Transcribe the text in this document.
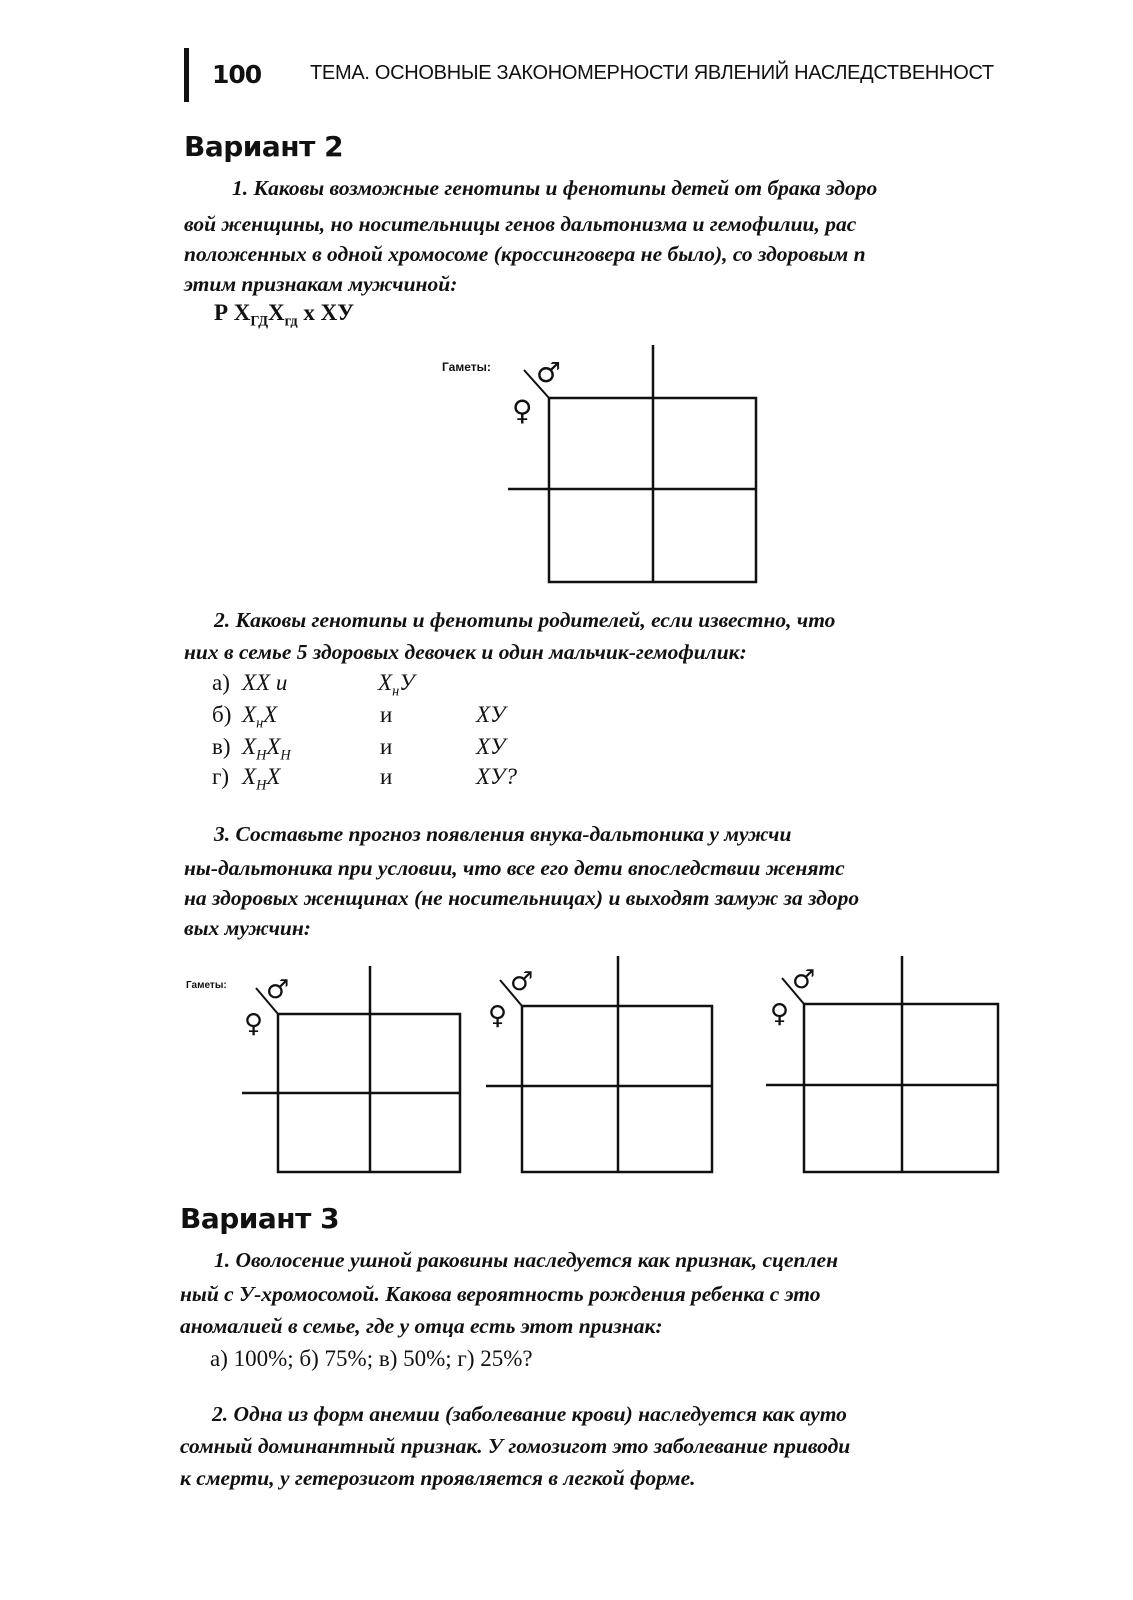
100 ТЕМА. ОСНОВНЫЕ ЗАКОНОМЕРНОСТИ ЯВЛЕНИЙ НАСЛЕДСТВЕННОСТ
Вариант 2
1. Каковы возможные генотипы и фенотипы детей от брака здоро
вой женщины, но носительницы генов дальтонизма и гемофилии, рас
положенных в одной хромосоме (кроссинговера не было), со здоровым п
этим признакам мужчиной:
Р $Х_{ГД}Х_{гд}$ х ХУ
Гаметы: ♂
♀
2. Каковы генотипы и фенотипы родителей, если известно, что
них в семье 5 здоровых девочек и один мальчик-гемофилик:
а) ХХ и	$Х_нУ$
б) $Х_нХ$	и	ХУ
в) $Х_НХ_Н$	и	ХУ
г) $Х_НХ$	и	ХУ?
3. Составьте прогноз появления внука-дальтоника у мужчи
ны-дальтоника при условии, что все его дети впоследствии женятс
на здоровых женщинах (не носительницах) и выходят замуж за здоро
вых мужчин:
Гаметы: ♂
♀
♂
♀
♂
♀
Вариант 3
1. Оволосение ушной раковины наследуется как признак, сцеплен
ный с У-хромосомой. Какова вероятность рождения ребенка с это
аномалией в семье, где у отца есть этот признак:
а) 100%; б) 75%; в) 50%; г) 25%?
2. Одна из форм анемии (заболевание крови) наследуется как ауто
сомный доминантный признак. У гомозигот это заболевание приводи
к смерти, у гетерозигот проявляется в легкой форме.
